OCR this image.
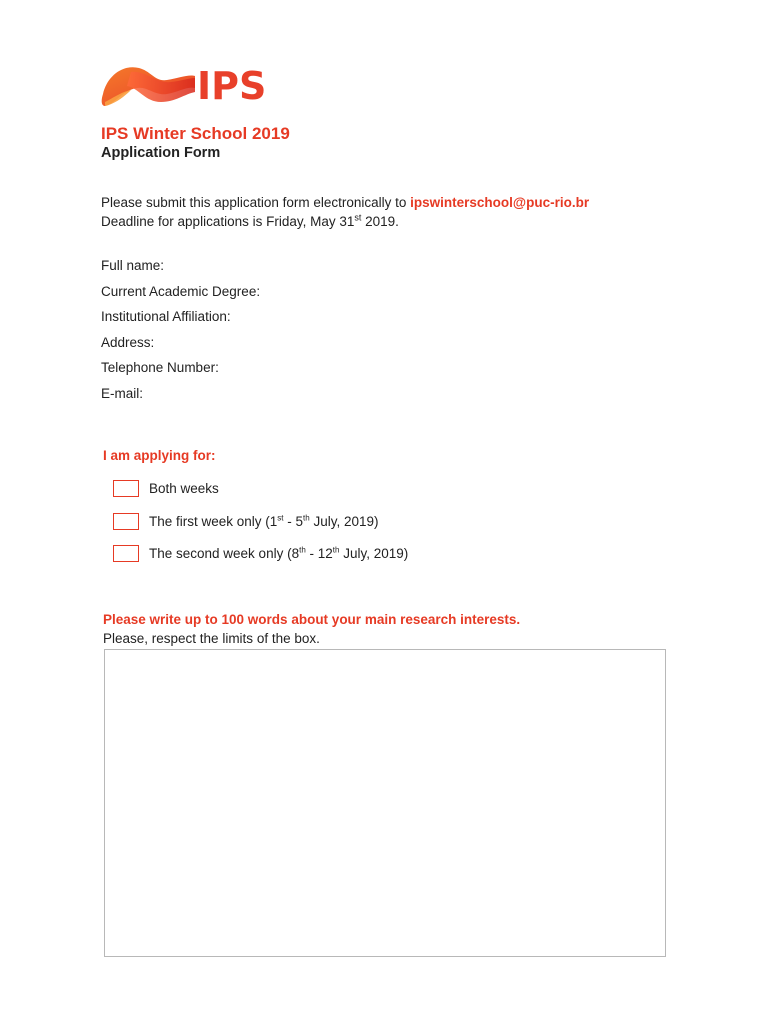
IPS
IPS Winter School 2019
Application Form
Please submit this application form electronically to ipswinterschool@puc-rio.br
Deadline for applications is Friday, May 31st 2019.
Full name:
Current Academic Degree:
Institutional Affiliation:
Address:
Telephone Number:
E-mail:
I am applying for:
Both weeks
The first week only (1st - 5th July, 2019)
The second week only (8th - 12th July, 2019)
Please write up to 100 words about your main research interests.
Please, respect the limits of the box.
